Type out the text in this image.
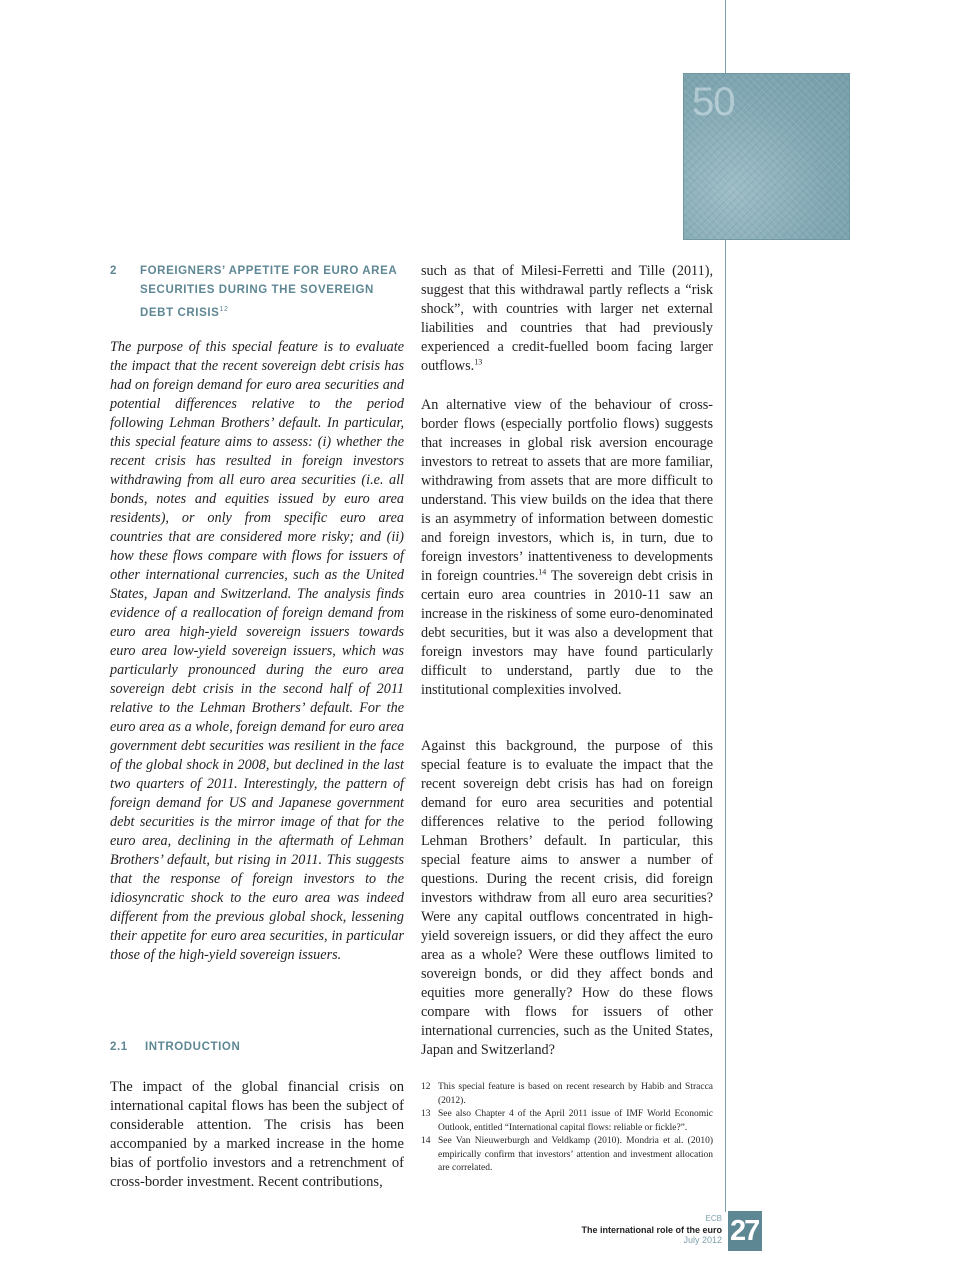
50
2 FOREIGNERS’ APPETITE FOR EURO AREA SECURITIES DURING THE SOVEREIGN DEBT CRISIS$^{12}$

The purpose of this special feature is to evaluate the impact that the recent sovereign debt crisis has had on foreign demand for euro area securities and potential differences relative to the period following Lehman Brothers’ default. In particular, this special feature aims to assess: (i) whether the recent crisis has resulted in foreign investors withdrawing from all euro area securities (i.e. all bonds, notes and equities issued by euro area residents), or only from specific euro area countries that are considered more risky; and (ii) how these flows compare with flows for issuers of other international currencies, such as the United States, Japan and Switzerland. The analysis finds evidence of a reallocation of foreign demand from euro area high-yield sovereign issuers towards euro area low-yield sovereign issuers, which was particularly pronounced during the euro area sovereign debt crisis in the second half of 2011 relative to the Lehman Brothers’ default. For the euro area as a whole, foreign demand for euro area government debt securities was resilient in the face of the global shock in 2008, but declined in the last two quarters of 2011. Interestingly, the pattern of foreign demand for US and Japanese government debt securities is the mirror image of that for the euro area, declining in the aftermath of Lehman Brothers’ default, but rising in 2011. This suggests that the response of foreign investors to the idiosyncratic shock to the euro area was indeed different from the previous global shock, lessening their appetite for euro area securities, in particular those of the high-yield sovereign issuers.

2.1 INTRODUCTION

The impact of the global financial crisis on international capital flows has been the subject of considerable attention. The crisis has been accompanied by a marked increase in the home bias of portfolio investors and a retrenchment of cross-border investment. Recent contributions,

such as that of Milesi-Ferretti and Tille (2011), suggest that this withdrawal partly reflects a “risk shock”, with countries with larger net external liabilities and countries that had previously experienced a credit-fuelled boom facing larger outflows.$^{13}$

An alternative view of the behaviour of cross-border flows (especially portfolio flows) suggests that increases in global risk aversion encourage investors to retreat to assets that are more familiar, withdrawing from assets that are more difficult to understand. This view builds on the idea that there is an asymmetry of information between domestic and foreign investors, which is, in turn, due to foreign investors’ inattentiveness to developments in foreign countries.$^{14}$ The sovereign debt crisis in certain euro area countries in 2010-11 saw an increase in the riskiness of some euro-denominated debt securities, but it was also a development that foreign investors may have found particularly difficult to understand, partly due to the institutional complexities involved.

Against this background, the purpose of this special feature is to evaluate the impact that the recent sovereign debt crisis has had on foreign demand for euro area securities and potential differences relative to the period following Lehman Brothers’ default. In particular, this special feature aims to answer a number of questions. During the recent crisis, did foreign investors withdraw from all euro area securities? Were any capital outflows concentrated in high-yield sovereign issuers, or did they affect the euro area as a whole? Were these outflows limited to sovereign bonds, or did they affect bonds and equities more generally? How do these flows compare with flows for issuers of other international currencies, such as the United States, Japan and Switzerland?

12 This special feature is based on recent research by Habib and Stracca (2012).
13 See also Chapter 4 of the April 2011 issue of IMF World Economic Outlook, entitled “International capital flows: reliable or fickle?”.
14 See Van Nieuwerburgh and Veldkamp (2010). Mondria et al. (2010) empirically confirm that investors’ attention and investment allocation are correlated.
ECB
The international role of the euro
July 2012 27
